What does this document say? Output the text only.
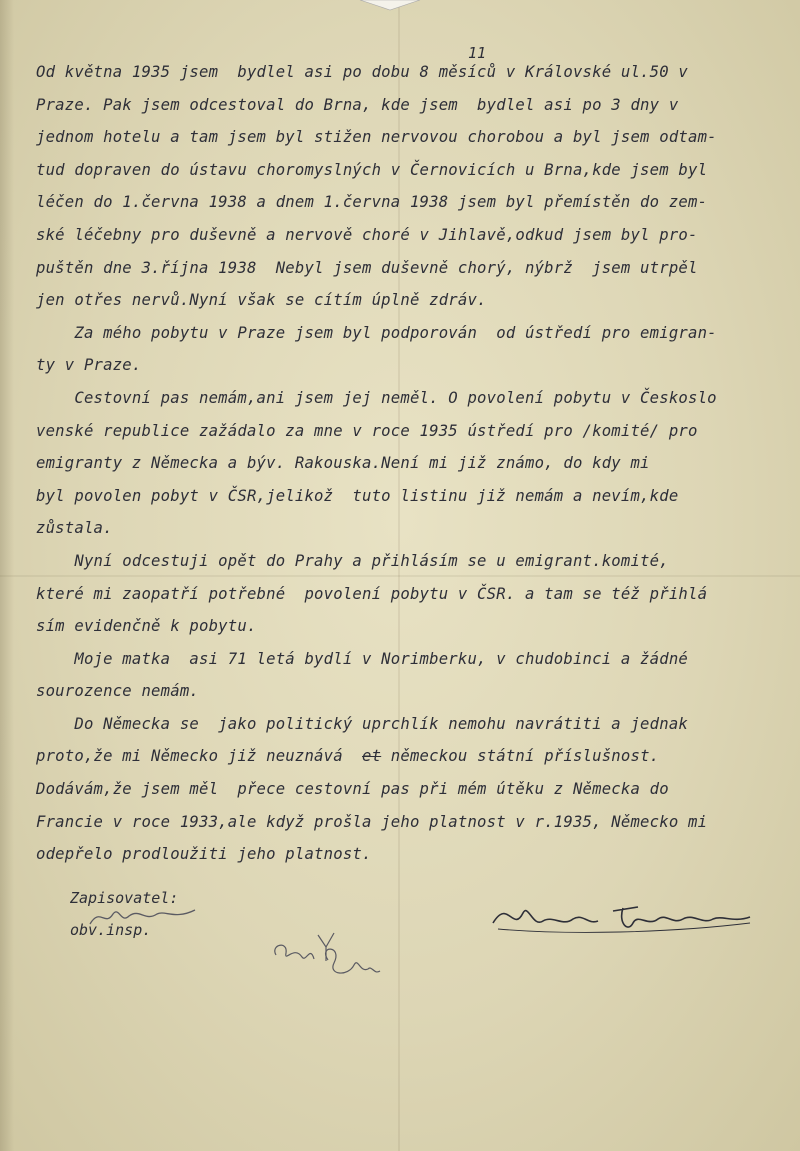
11
Od května 1935 jsem  bydlel asi po dobu 8 měsíců v Královské ul.50 v
Praze. Pak jsem odcestoval do Brna, kde jsem  bydlel asi po 3 dny v
jednom hotelu a tam jsem byl stižen nervovou chorobou a byl jsem odtam-
tud dopraven do ústavu choromyslných v Černovicích u Brna,kde jsem byl
léčen do 1.června 1938 a dnem 1.června 1938 jsem byl přemístěn do zem-
ské léčebny pro duševně a nervově choré v Jihlavě,odkud jsem byl pro-
puštěn dne 3.října 1938  Nebyl jsem duševně chorý, nýbrž  jsem utrpěl
jen otřes nervů.Nyní však se cítím úplně zdráv.
Za mého pobytu v Praze jsem byl podporován  od ústředí pro emigran-
ty v Praze.
Cestovní pas nemám,ani jsem jej neměl. O povolení pobytu v Českoslo
venské republice zažádalo za mne v roce 1935 ústředí pro /komité/ pro
emigranty z Německa a býv. Rakouska.Není mi již známo, do kdy mi
byl povolen pobyt v ČSR,jelikož  tuto listinu již nemám a nevím,kde
zůstala.
Nyní odcestuji opět do Prahy a přihlásím se u emigrant.komité,
které mi zaopatří potřebné  povolení pobytu v ČSR. a tam se též přihlá
sím evidenčně k pobytu.
Moje matka  asi 71 letá bydlí v Norimberku, v chudobinci a žádné
sourozence nemám.
Do Německa se  jako politický uprchlík nemohu navrátiti a jednak
proto,že mi Německo již neuznává  et německou státní příslušnost.
Dodávám,že jsem měl  přece cestovní pas při mém útěku z Německa do
Francie v roce 1933,ale když prošla jeho platnost v r.1935, Německo mi
odepřelo prodloužiti jeho platnost.
Zapisovatel:
obv.insp.
